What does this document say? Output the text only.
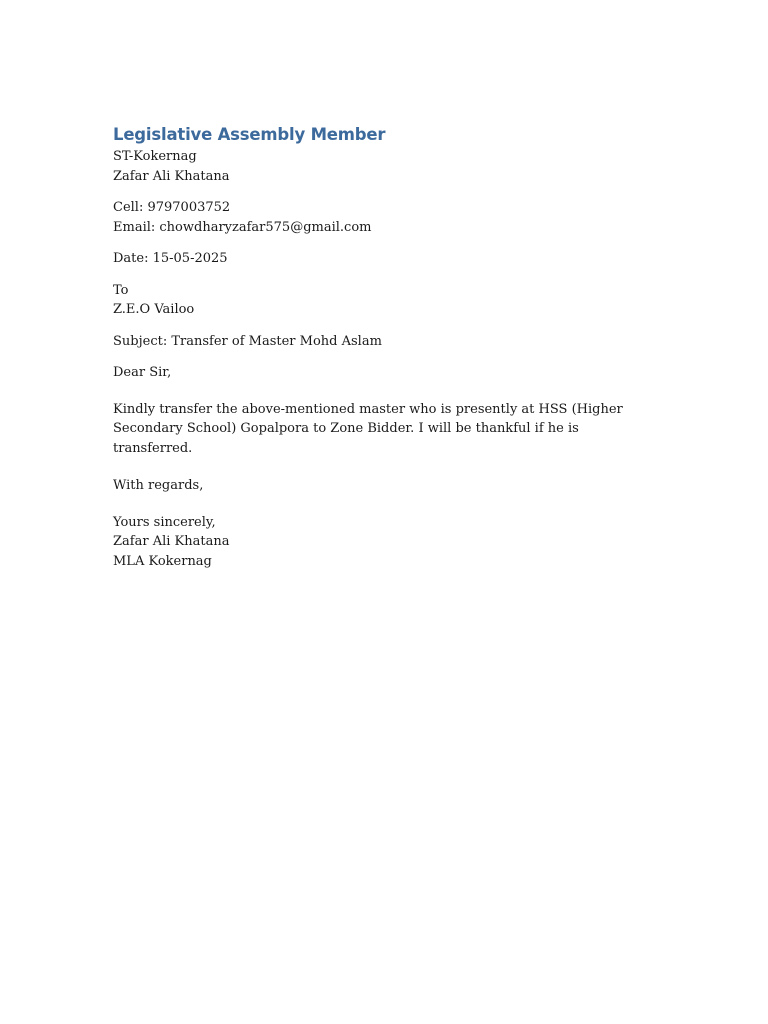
Legislative Assembly Member
ST-Kokernag
Zafar Ali Khatana
Cell: 9797003752
Email: chowdharyzafar575@gmail.com
Date: 15-05-2025
To
Z.E.O Vailoo
Subject: Transfer of Master Mohd Aslam
Dear Sir,

Kindly transfer the above-mentioned master who is presently at HSS (Higher Secondary School) Gopalpora to Zone Bidder. I will be thankful if he is transferred.

With regards,
Yours sincerely,
Zafar Ali Khatana
MLA Kokernag
